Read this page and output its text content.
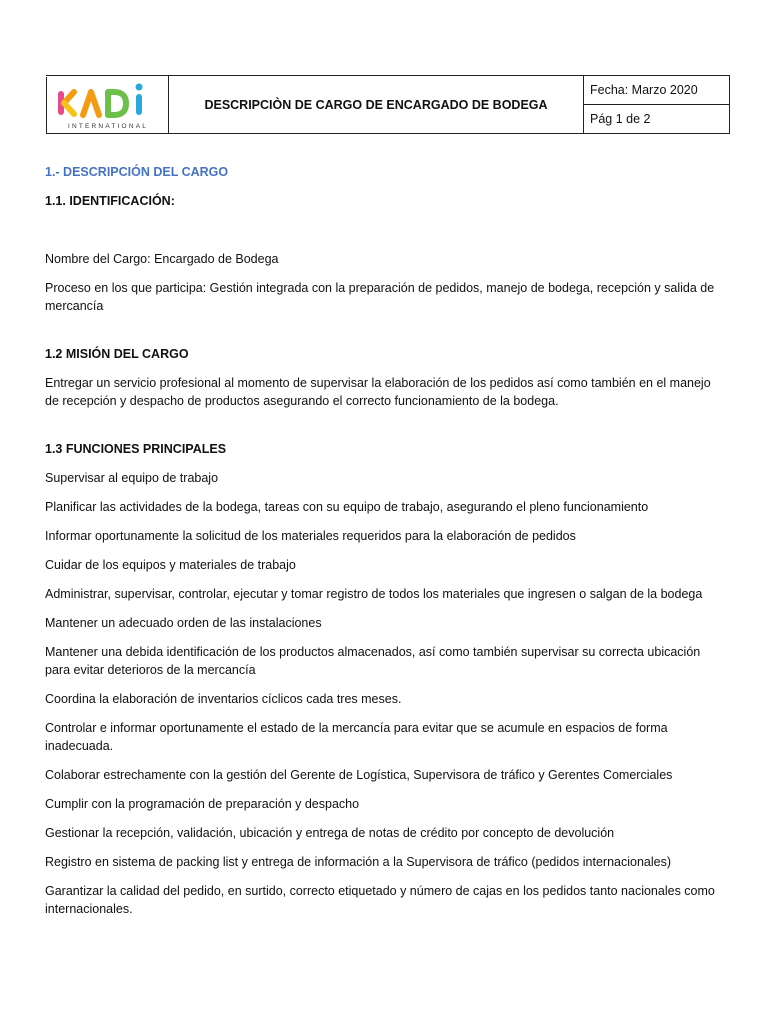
INTERNATIONAL
	DESCRIPCIÒN DE CARGO DE ENCARGADO DE BODEGA	Fecha: Marzo 2020
Pág 1 de 2

1.- DESCRIPCIÓN DEL CARGO

1.1. IDENTIFICACIÓN:

Nombre del Cargo: Encargado de Bodega

Proceso en los que participa: Gestión integrada con la preparación de pedidos, manejo de bodega, recepción y salida de mercancía

1.2 MISIÓN DEL CARGO

Entregar un servicio profesional al momento de supervisar la elaboración de los pedidos así como también en el manejo de recepción y despacho de productos asegurando el correcto funcionamiento de la bodega.

1.3 FUNCIONES PRINCIPALES

Supervisar al equipo de trabajo

Planificar las actividades de la bodega, tareas con su equipo de trabajo, asegurando el pleno funcionamiento

Informar oportunamente la solicitud de los materiales requeridos para la elaboración de pedidos

Cuidar de los equipos y materiales de trabajo

Administrar, supervisar, controlar, ejecutar y tomar registro de todos los materiales que ingresen o salgan de la bodega

Mantener un adecuado orden de las instalaciones

Mantener una debida identificación de los productos almacenados, así como también supervisar su correcta ubicación para evitar deterioros de la mercancía

Coordina la elaboración de inventarios cíclicos cada tres meses.

Controlar e informar oportunamente el estado de la mercancía para evitar que se acumule en espacios de forma inadecuada.

Colaborar estrechamente con la gestión del Gerente de Logística, Supervisora de tráfico y Gerentes Comerciales

Cumplir con la programación de preparación y despacho

Gestionar la recepción, validación, ubicación y entrega de notas de crédito por concepto de devolución

Registro en sistema de packing list y entrega de información a la Supervisora de tráfico (pedidos internacionales)

Garantizar la calidad del pedido, en surtido, correcto etiquetado y número de cajas en los pedidos tanto nacionales como internacionales.
